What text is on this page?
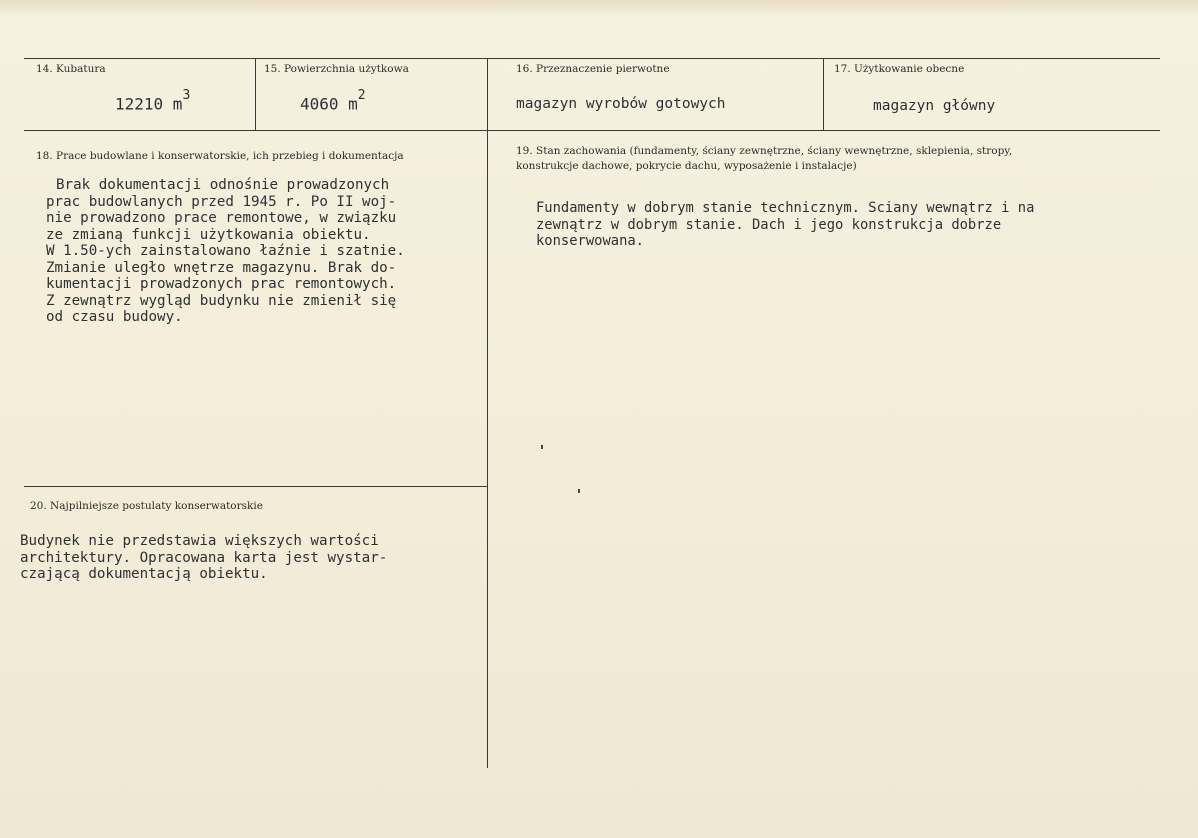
14. Kubatura
12210 $m^3$
15. Powierzchnia użytkowa
4060 $m^2$
16. Przeznaczenie pierwotne
magazyn wyrobów gotowych
17. Użytkowanie obecne
magazyn główny
18. Prace budowlane i konserwatorskie, ich przebieg i dokumentacja
Brak dokumentacji odnośnie prowadzonych
prac budowlanych przed 1945 r. Po II woj-
nie prowadzono prace remontowe, w związku
ze zmianą funkcji użytkowania obiektu.
W 1.50-ych zainstalowano łaźnie i szatnie.
Zmianie uległo wnętrze magazynu. Brak do-
kumentacji prowadzonych prac remontowych.
Z zewnątrz wygląd budynku nie zmienił się
od czasu budowy.
19. Stan zachowania (fundamenty, ściany zewnętrzne, ściany wewnętrzne, sklepienia, stropy,
konstrukcje dachowe, pokrycie dachu, wyposażenie i instalacje)
Fundamenty w dobrym stanie technicznym. Sciany wewnątrz i na
zewnątrz w dobrym stanie. Dach i jego konstrukcja dobrze
konserwowana.
20. Najpilniejsze postulaty konserwatorskie
Budynek nie przedstawia większych wartości
architektury. Opracowana karta jest wystar-
czającą dokumentacją obiektu.
